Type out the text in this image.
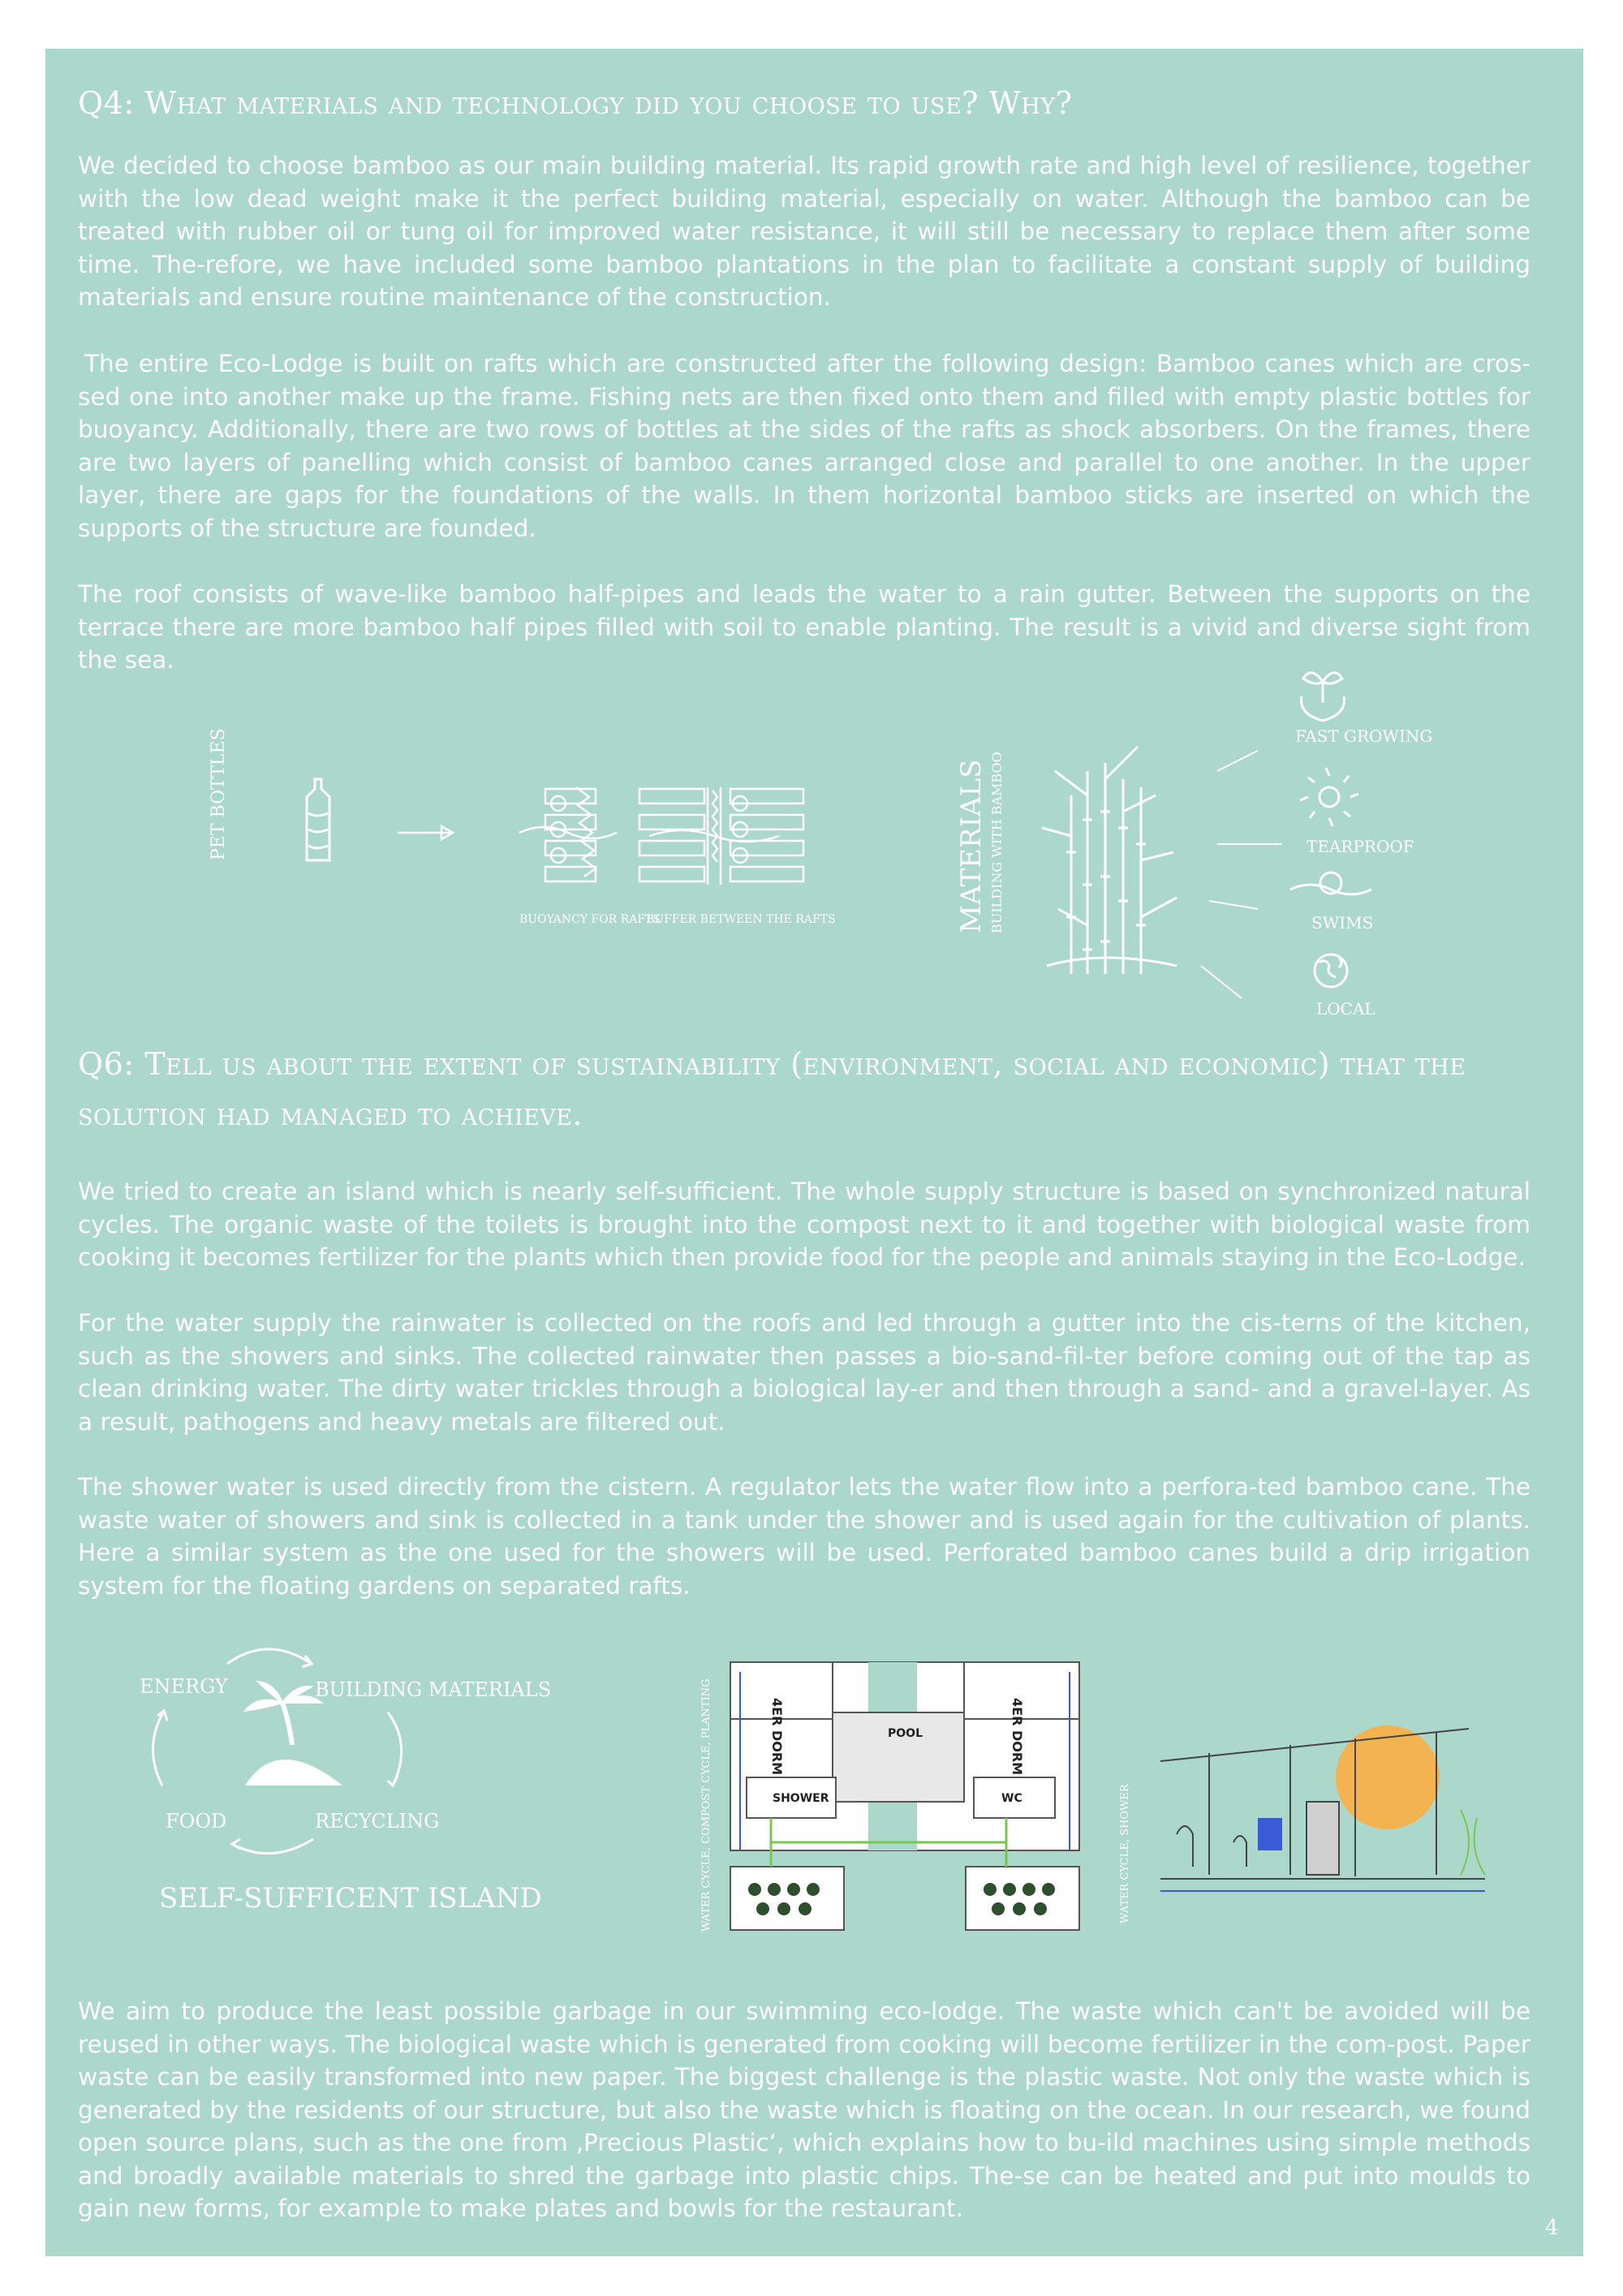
Q4: What materials and technology did you choose to use? Why?

We decided to choose bamboo as our main building material. Its rapid growth rate and high level of resilience, together with the low dead weight make it the perfect building material, especially on water. Although the bamboo can be treated with rubber oil or tung oil for improved water resistance, it will still be necessary to replace them after some time. The-refore, we have included some bamboo plantations in the plan to facilitate a constant supply of building materials and ensure routine maintenance of the construction.

The entire Eco-Lodge is built on rafts which are constructed after the following design: Bamboo canes which are cros-sed one into another make up the frame. Fishing nets are then fixed onto them and filled with empty plastic bottles for buoyancy. Additionally, there are two rows of bottles at the sides of the rafts as shock absorbers. On the frames, there are two layers of panelling which consist of bamboo canes arranged close and parallel to one another. In the upper layer, there are gaps for the foundations of the walls. In them horizontal bamboo sticks are inserted on which the supports of the structure are founded.

The roof consists of wave-like bamboo half-pipes and leads the water to a rain gutter. Between the supports on the terrace there are more bamboo half pipes filled with soil to enable planting. The result is a vivid and diverse sight from the sea.

PET BOTTLES
BUOYANCY FOR RAFTS
BUFFER BETWEEN THE RAFTS	MATERIALS BUILDING WITH BAMBOO
FAST GROWING
TEARPROOF
SWIMS
LOCAL
Q6: Tell us about the extent of sustainability (environment, social and economic) that the solution had managed to achieve.

We tried to create an island which is nearly self-sufficient. The whole supply structure is based on synchronized natural cycles. The organic waste of the toilets is brought into the compost next to it and together with biological waste from cooking it becomes fertilizer for the plants which then provide food for the people and animals staying in the Eco-Lodge.

For the water supply the rainwater is collected on the roofs and led through a gutter into the cis-terns of the kitchen, such as the showers and sinks. The collected rainwater then passes a bio-sand-fil-ter before coming out of the tap as clean drinking water. The dirty water trickles through a biological lay-er and then through a sand- and a gravel-layer. As a result, pathogens and heavy metals are filtered out.

The shower water is used directly from the cistern. A regulator lets the water flow into a perfora-ted bamboo cane. The waste water of showers and sink is collected in a tank under the shower and is used again for the cultivation of plants. Here a similar system as the one used for the showers will be used. Perforated bamboo canes build a drip irrigation system for the floating gardens on separated rafts.

ENERGY	BUILDING MATERIALS
FOOD	RECYCLING
SELF-SUFFICENT ISLAND	WATER CYCLE, COMPOST CYCLE, PLANTING	4ER DORM	4ER DORM
POOL
SHOWER	WC	WATER CYCLE, SHOWER

We aim to produce the least possible garbage in our swimming eco-lodge. The waste which can't be avoided will be reused in other ways. The biological waste which is generated from cooking will become fertilizer in the com-post. Paper waste can be easily transformed into new paper. The biggest challenge is the plastic waste. Not only the waste which is generated by the residents of our structure, but also the waste which is floating on the ocean. In our research, we found open source plans, such as the one from ‚Precious Plastic‘, which explains how to bu-ild machines using simple methods and broadly available materials to shred the garbage into plastic chips. The-se can be heated and put into moulds to gain new forms, for example to make plates and bowls for the restaurant.

4
